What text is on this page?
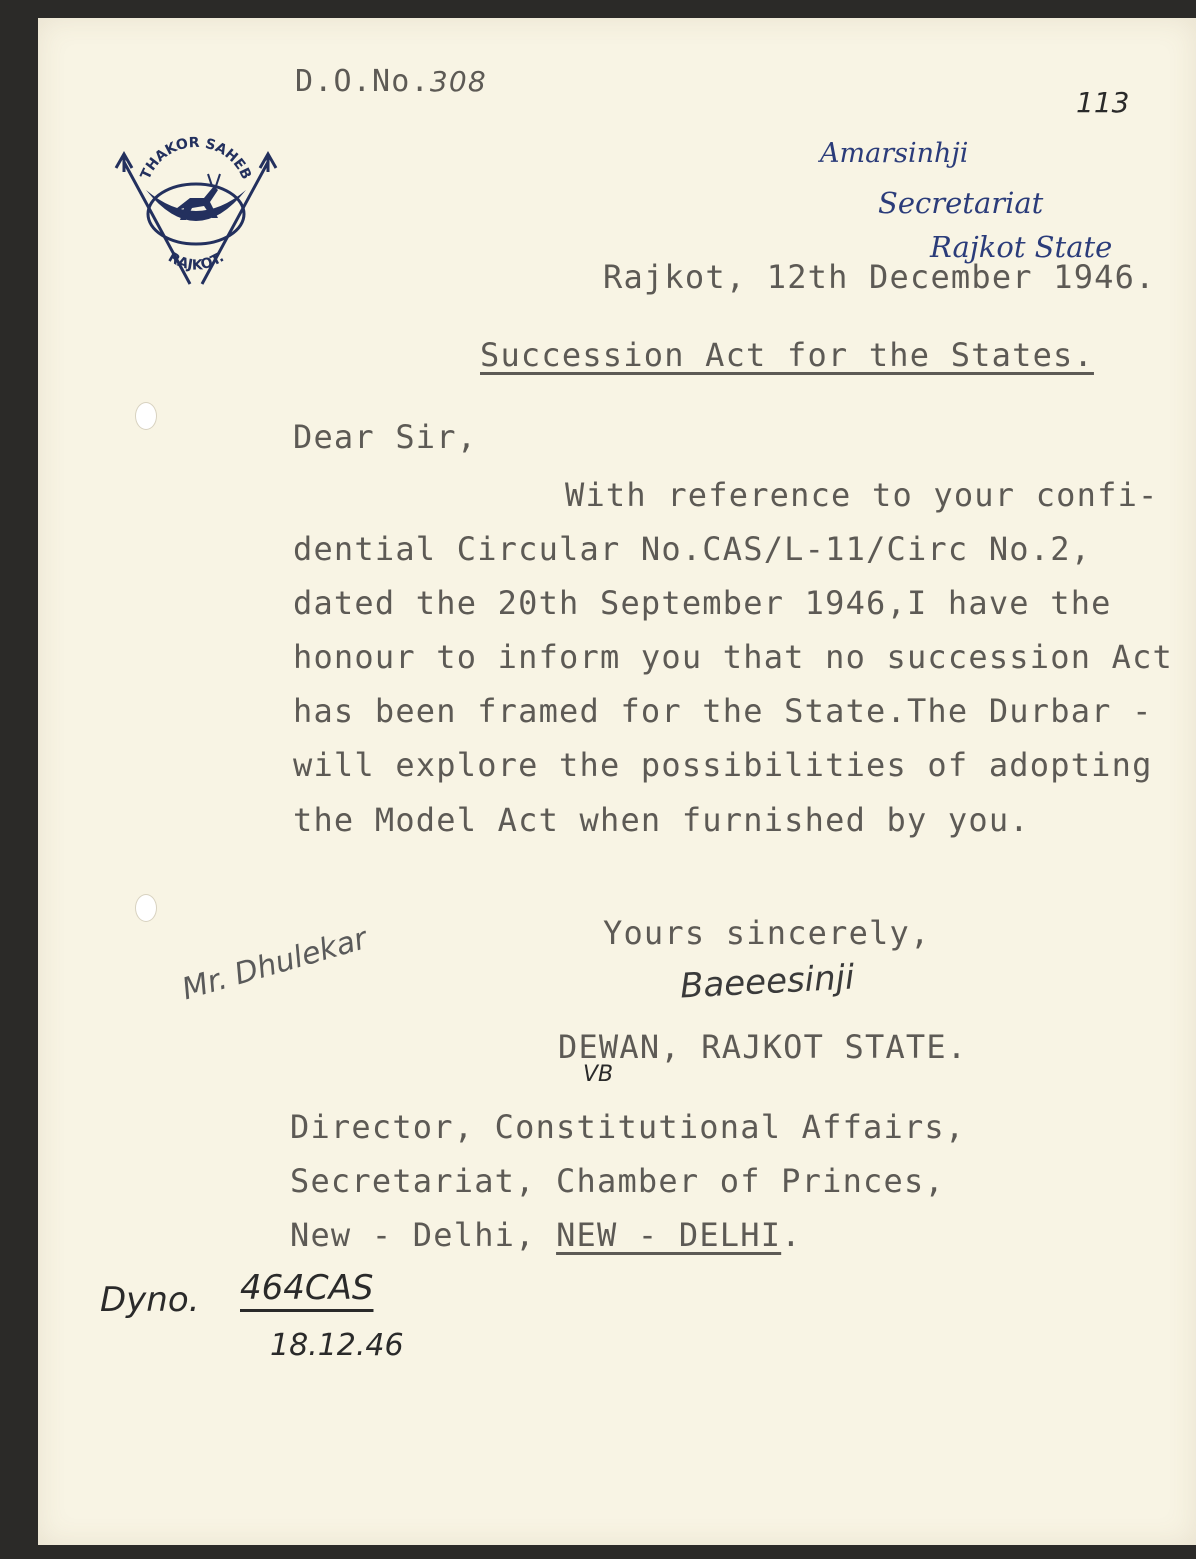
D.O.No.308
113
THAKOR SAHEB
RAJKOT.
Amarsinhji
Secretariat
Rajkot State
Rajkot, 12th December 1946.
Succession Act for the States.
Dear Sir,
With reference to your confi-
dential Circular No.CAS/L-11/Circ No.2,
dated the 20th September 1946,I have the
honour to inform you that no succession Act
has been framed for the State.The Durbar -
will explore the possibilities of adopting
the Model Act when furnished by you.
Yours sincerely,
Baeeesinji
Mr. Dhulekar
DEWAN, RAJKOT STATE.
VB
Director, Constitutional Affairs,
Secretariat, Chamber of Princes,
New - Delhi, NEW - DELHI.
Dyno. 464CAS
18.12.46
